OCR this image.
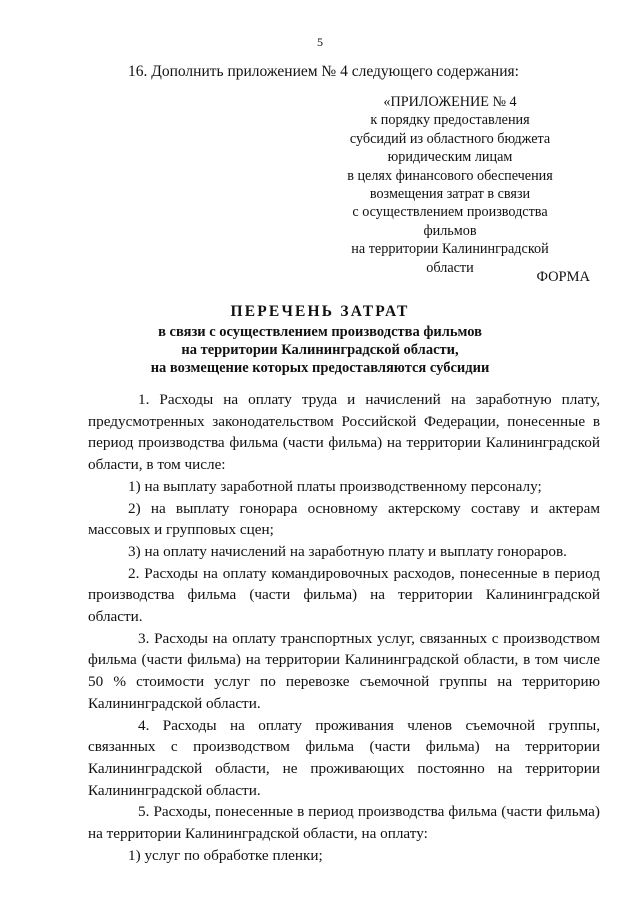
5
16. Дополнить приложением № 4 следующего содержания:
«ПРИЛОЖЕНИЕ № 4
к порядку предоставления
субсидий из областного бюджета
юридическим лицам
в целях финансового обеспечения
возмещения затрат в связи
с осуществлением производства
фильмов
на территории Калининградской
области
ФОРМА
ПЕРЕЧЕНЬ ЗАТРАТ
в связи с осуществлением производства фильмов
на территории Калининградской области,
на возмещение которых предоставляются субсидии

1. Расходы на оплату труда и начислений на заработную плату, предусмотренных законодательством Российской Федерации, понесенные в период производства фильма (части фильма) на территории Калининградской области, в том числе:

1) на выплату заработной платы производственному персоналу;

2) на выплату гонорара основному актерскому составу и актерам массовых и групповых сцен;

3) на оплату начислений на заработную плату и выплату гонораров.

2. Расходы на оплату командировочных расходов, понесенные в период производства фильма (части фильма) на территории Калининградской области.

3. Расходы на оплату транспортных услуг, связанных с производством фильма (части фильма) на территории Калининградской области, в том числе 50 % стоимости услуг по перевозке съемочной группы на территорию Калининградской области.

4. Расходы на оплату проживания членов съемочной группы, связанных с производством фильма (части фильма) на территории Калининградской области, не проживающих постоянно на территории Калининградской области.

5. Расходы, понесенные в период производства фильма (части фильма) на территории Калининградской области, на оплату:

1) услуг по обработке пленки;
